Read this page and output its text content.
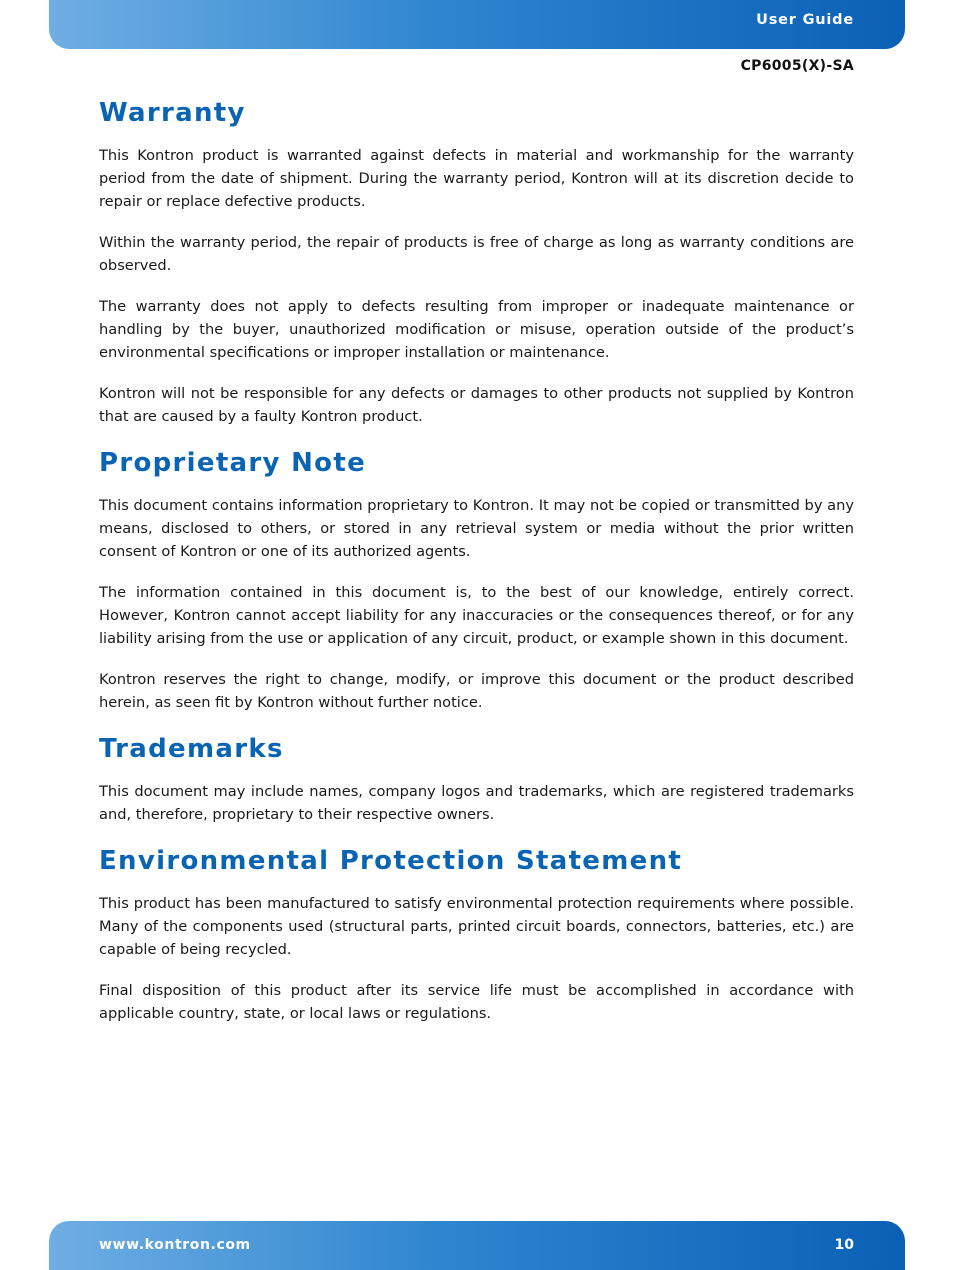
User Guide
CP6005(X)-SA
Warranty

This Kontron product is warranted against defects in material and workmanship for the warranty period from the date of shipment. During the warranty period, Kontron will at its discretion decide to repair or replace defective products.

Within the warranty period, the repair of products is free of charge as long as warranty conditions are observed.

The warranty does not apply to defects resulting from improper or inadequate maintenance or handling by the buyer, unauthorized modification or misuse, operation outside of the product’s environmental specifications or improper installation or maintenance.

Kontron will not be responsible for any defects or damages to other products not supplied by Kontron that are caused by a faulty Kontron product.

Proprietary Note

This document contains information proprietary to Kontron. It may not be copied or transmitted by any means, disclosed to others, or stored in any retrieval system or media without the prior written consent of Kontron or one of its authorized agents.

The information contained in this document is, to the best of our knowledge, entirely correct. However, Kontron cannot accept liability for any inaccuracies or the consequences thereof, or for any liability arising from the use or application of any circuit, product, or example shown in this document.

Kontron reserves the right to change, modify, or improve this document or the product described herein, as seen fit by Kontron without further notice.

Trademarks

This document may include names, company logos and trademarks, which are registered trademarks and, therefore, proprietary to their respective owners.

Environmental Protection Statement

This product has been manufactured to satisfy environmental protection requirements where possible. Many of the components used (structural parts, printed circuit boards, connectors, batteries, etc.) are capable of being recycled.

Final disposition of this product after its service life must be accomplished in accordance with applicable country, state, or local laws or regulations.

www.kontron.com	10
